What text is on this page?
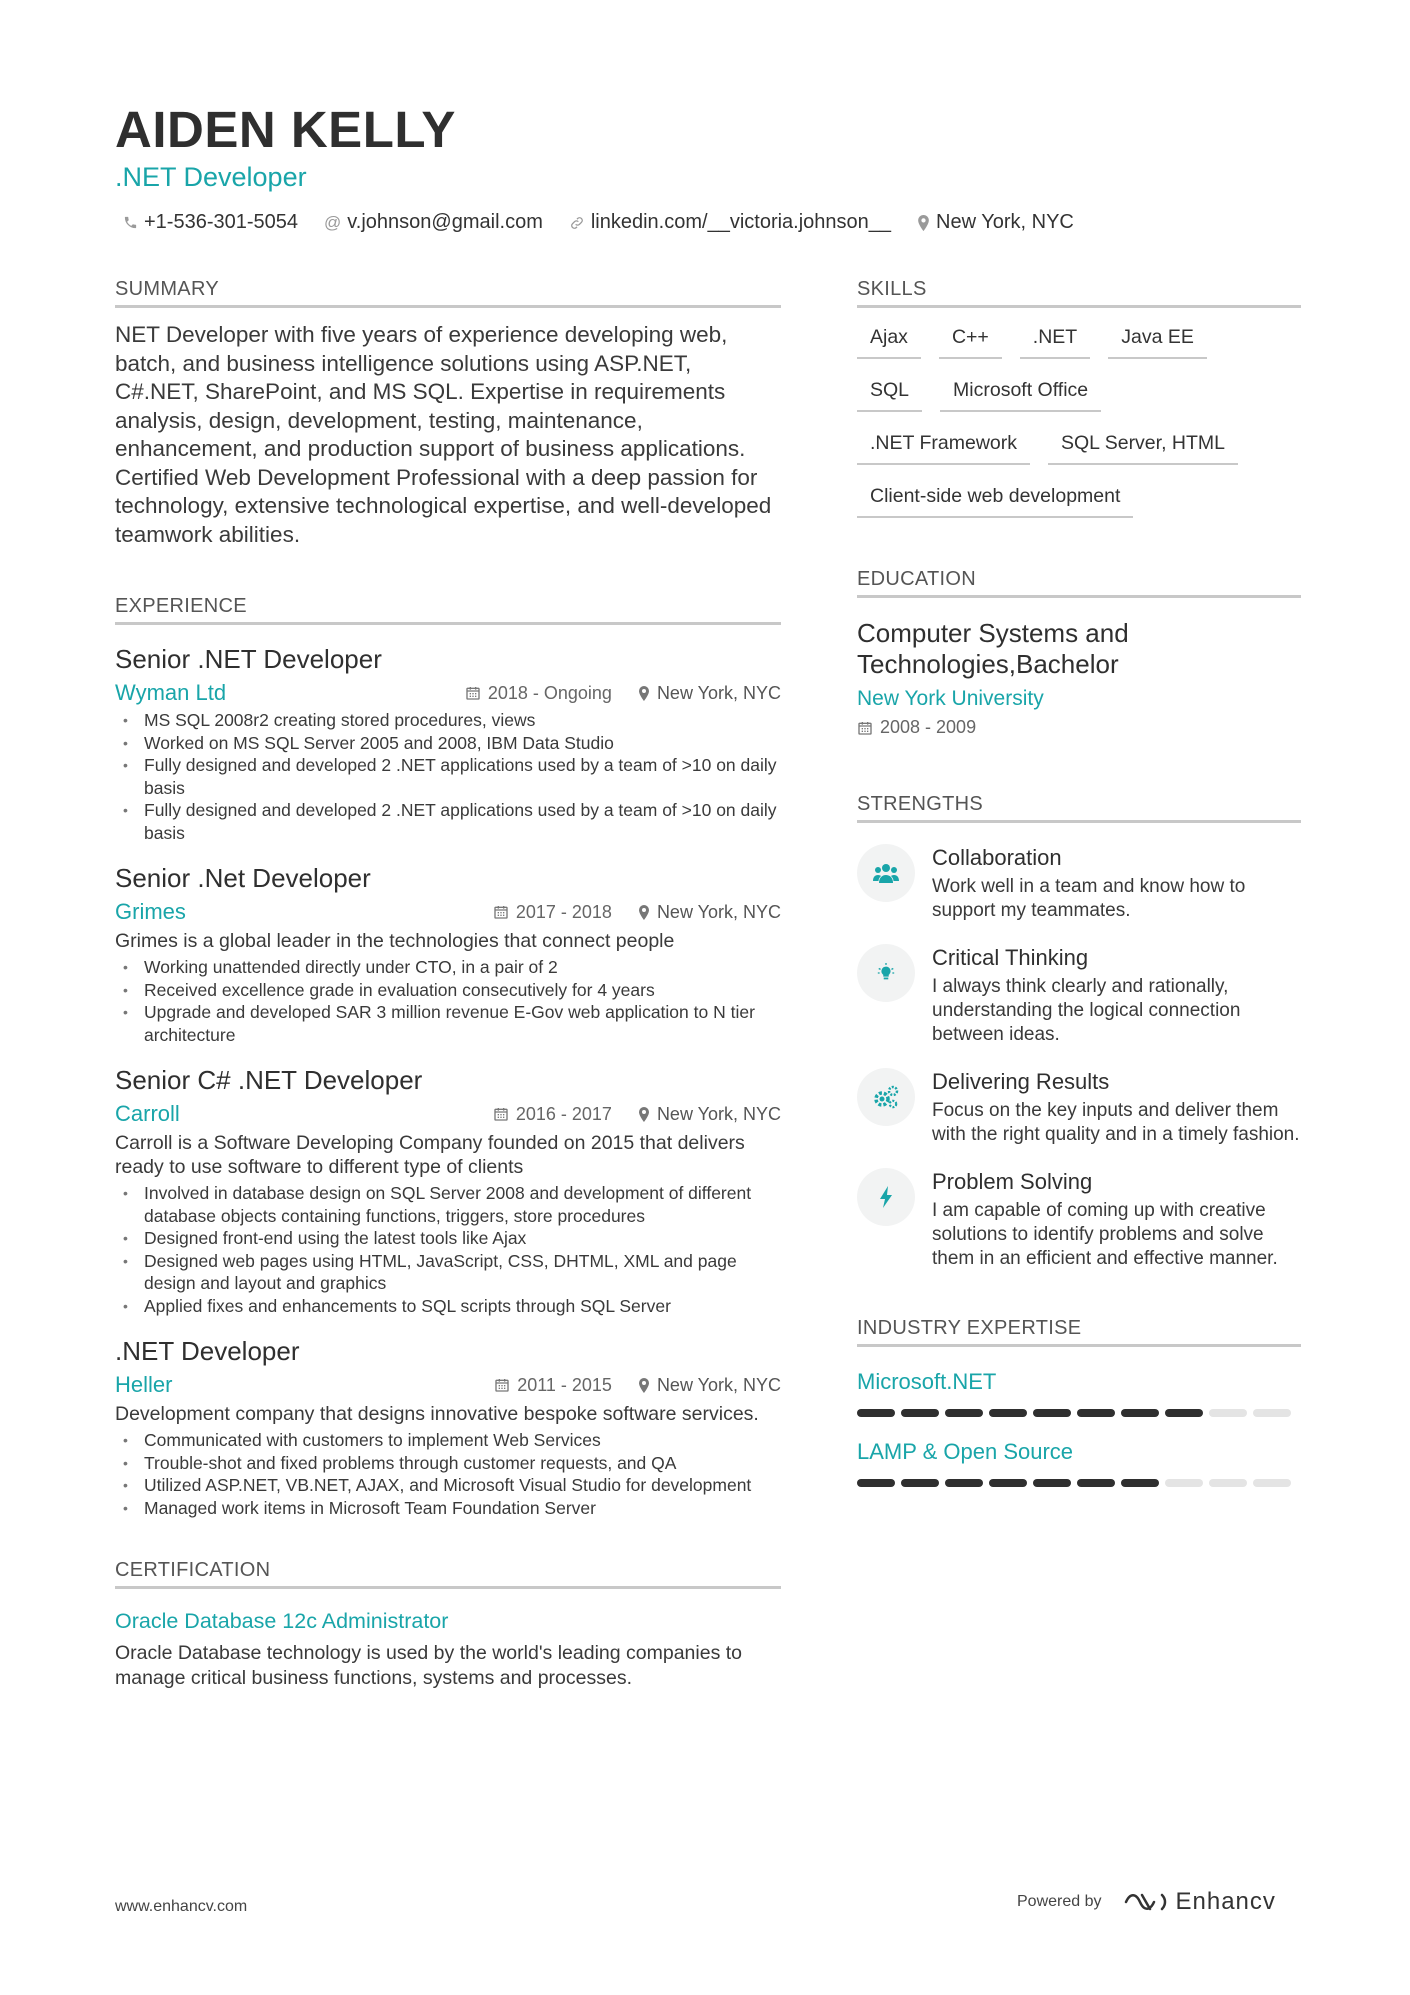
AIDEN KELLY
.NET Developer
+1-536-301-5054 @ v.johnson@gmail.com linkedin.com/__victoria.johnson__ New York, NYC
SUMMARY
NET Developer with five years of experience developing web, batch, and business intelligence solutions using ASP.NET, C#.NET, SharePoint, and MS SQL. Expertise in requirements analysis, design, development, testing, maintenance, enhancement, and production support of business applications. Certified Web Development Professional with a deep passion for technology, extensive technological expertise, and well-developed teamwork abilities.
EXPERIENCE
Senior .NET Developer
Wyman Ltd	2018 - Ongoing	New York, NYC
• MS SQL 2008r2 creating stored procedures, views
• Worked on MS SQL Server 2005 and 2008, IBM Data Studio
• Fully designed and developed 2 .NET applications used by a team of >10 on daily basis
• Fully designed and developed 2 .NET applications used by a team of >10 on daily basis
Senior .Net Developer
Grimes	2017 - 2018	New York, NYC
Grimes is a global leader in the technologies that connect people
• Working unattended directly under CTO, in a pair of 2
• Received excellence grade in evaluation consecutively for 4 years
• Upgrade and developed SAR 3 million revenue E-Gov web application to N tier architecture
Senior C# .NET Developer
Carroll	2016 - 2017	New York, NYC
Carroll is a Software Developing Company founded on 2015 that delivers ready to use software to different type of clients
• Involved in database design on SQL Server 2008 and development of different database objects containing functions, triggers, store procedures
• Designed front-end using the latest tools like Ajax
• Designed web pages using HTML, JavaScript, CSS, DHTML, XML and page design and layout and graphics
• Applied fixes and enhancements to SQL scripts through SQL Server
.NET Developer
Heller	2011 - 2015	New York, NYC
Development company that designs innovative bespoke software services.
• Communicated with customers to implement Web Services
• Trouble-shot and fixed problems through customer requests, and QA
• Utilized ASP.NET, VB.NET, AJAX, and Microsoft Visual Studio for development
• Managed work items in Microsoft Team Foundation Server
CERTIFICATION
Oracle Database 12c Administrator
Oracle Database technology is used by the world's leading companies to manage critical business functions, systems and processes.
SKILLS
Ajax	C++	.NET	Java EE
SQL	Microsoft Office
.NET Framework	SQL Server, HTML
Client-side web development
EDUCATION
Computer Systems and Technologies,Bachelor
New York University
2008 - 2009
STRENGTHS
Collaboration
Work well in a team and know how to support my teammates.
Critical Thinking
I always think clearly and rationally, understanding the logical connection between ideas.
Delivering Results
Focus on the key inputs and deliver them with the right quality and in a timely fashion.
Problem Solving
I am capable of coming up with creative solutions to identify problems and solve them in an efficient and effective manner.
INDUSTRY EXPERTISE
Microsoft.NET
LAMP & Open Source
www.enhancv.com	Powered by	Enhancv
